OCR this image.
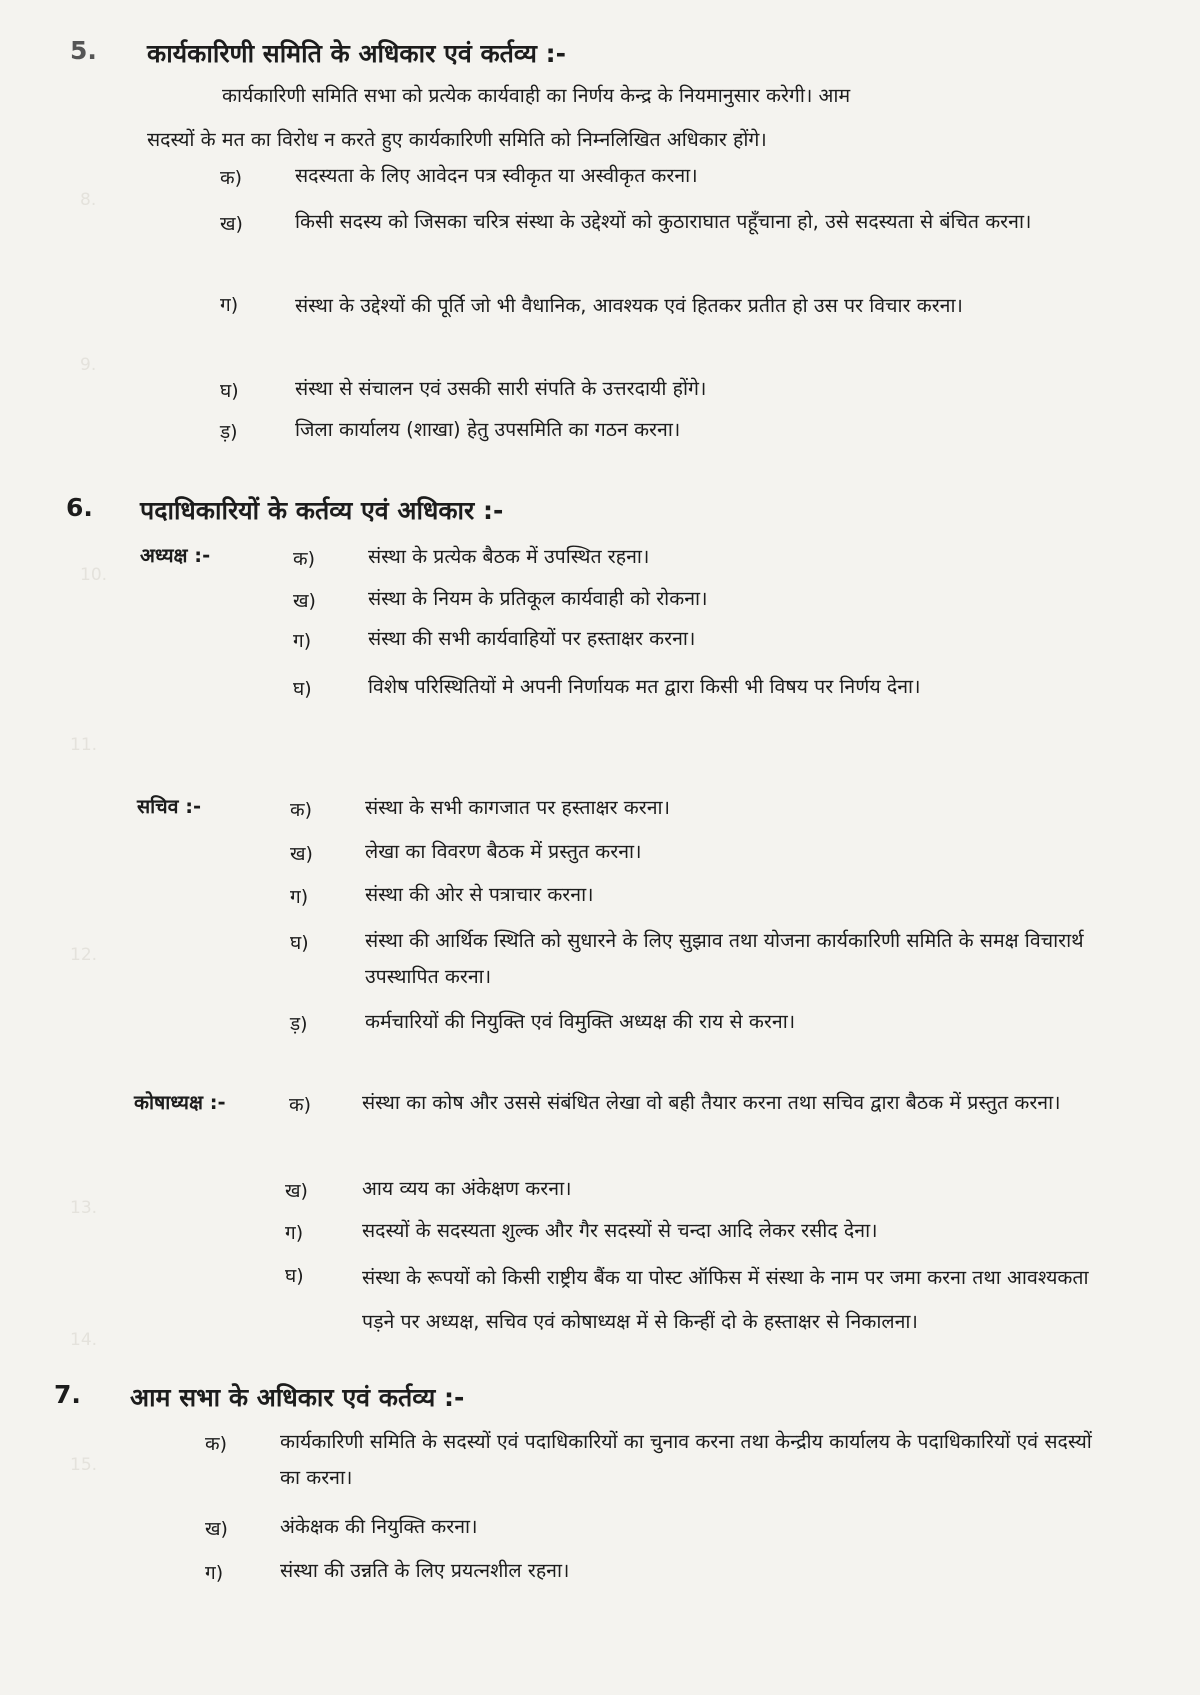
8.
9.
10.
11.
12.
13.
14.
15.
5. कार्यकारिणी समिति के अधिकार एवं कर्तव्य :-
कार्यकारिणी समिति सभा को प्रत्येक कार्यवाही का निर्णय केन्द्र के नियमानुसार करेगी। आम
सदस्यों के मत का विरोध न करते हुए कार्यकारिणी समिति को निम्नलिखित अधिकार होंगे।
क)	सदस्यता के लिए आवेदन पत्र स्वीकृत या अस्वीकृत करना।
ख)	किसी सदस्य को जिसका चरित्र संस्था के उद्देश्यों को कुठाराघात पहूँचाना हो, उसे सदस्यता से बंचित करना।
ग)	संस्था के उद्देश्यों की पूर्ति जो भी वैधानिक, आवश्यक एवं हितकर प्रतीत हो उस पर विचार करना।
घ)	संस्था से संचालन एवं उसकी सारी संपति के उत्तरदायी होंगे।
ड़)	जिला कार्यालय (शाखा) हेतु उपसमिति का गठन करना।
6. पदाधिकारियों के कर्तव्य एवं अधिकार :-
अध्यक्ष :-	क)	संस्था के प्रत्येक बैठक में उपस्थित रहना।
ख)	संस्था के नियम के प्रतिकूल कार्यवाही को रोकना।
ग)	संस्था की सभी कार्यवाहियों पर हस्ताक्षर करना।
घ)	विशेष परिस्थितियों मे अपनी निर्णायक मत द्वारा किसी भी विषय पर निर्णय देना।
सचिव :-	क)	संस्था के सभी कागजात पर हस्ताक्षर करना।
ख)	लेखा का विवरण बैठक में प्रस्तुत करना।
ग)	संस्था की ओर से पत्राचार करना।
घ)	संस्था की आर्थिक स्थिति को सुधारने के लिए सुझाव तथा योजना कार्यकारिणी समिति के समक्ष विचारार्थ उपस्थापित करना।
ड़)	कर्मचारियों की नियुक्ति एवं विमुक्ति अध्यक्ष की राय से करना।
कोषाध्यक्ष :-	क)	संस्था का कोष और उससे संबंधित लेखा वो बही तैयार करना तथा सचिव द्वारा बैठक में प्रस्तुत करना।
ख)	आय व्यय का अंकेक्षण करना।
ग)	सदस्यों के सदस्यता शुल्क और गैर सदस्यों से चन्दा आदि लेकर रसीद देना।
घ)	संस्था के रूपयों को किसी राष्ट्रीय बैंक या पोस्ट ऑफिस में संस्था के नाम पर जमा करना तथा आवश्यकता पड़ने पर अध्यक्ष, सचिव एवं कोषाध्यक्ष में से किन्हीं दो के हस्ताक्षर से निकालना।
7. आम सभा के अधिकार एवं कर्तव्य :-
क)	कार्यकारिणी समिति के सदस्यों एवं पदाधिकारियों का चुनाव करना तथा केन्द्रीय कार्यालय के पदाधिकारियों एवं सदस्यों का करना।
ख)	अंकेक्षक की नियुक्ति करना।
ग)	संस्था की उन्नति के लिए प्रयत्नशील रहना।
